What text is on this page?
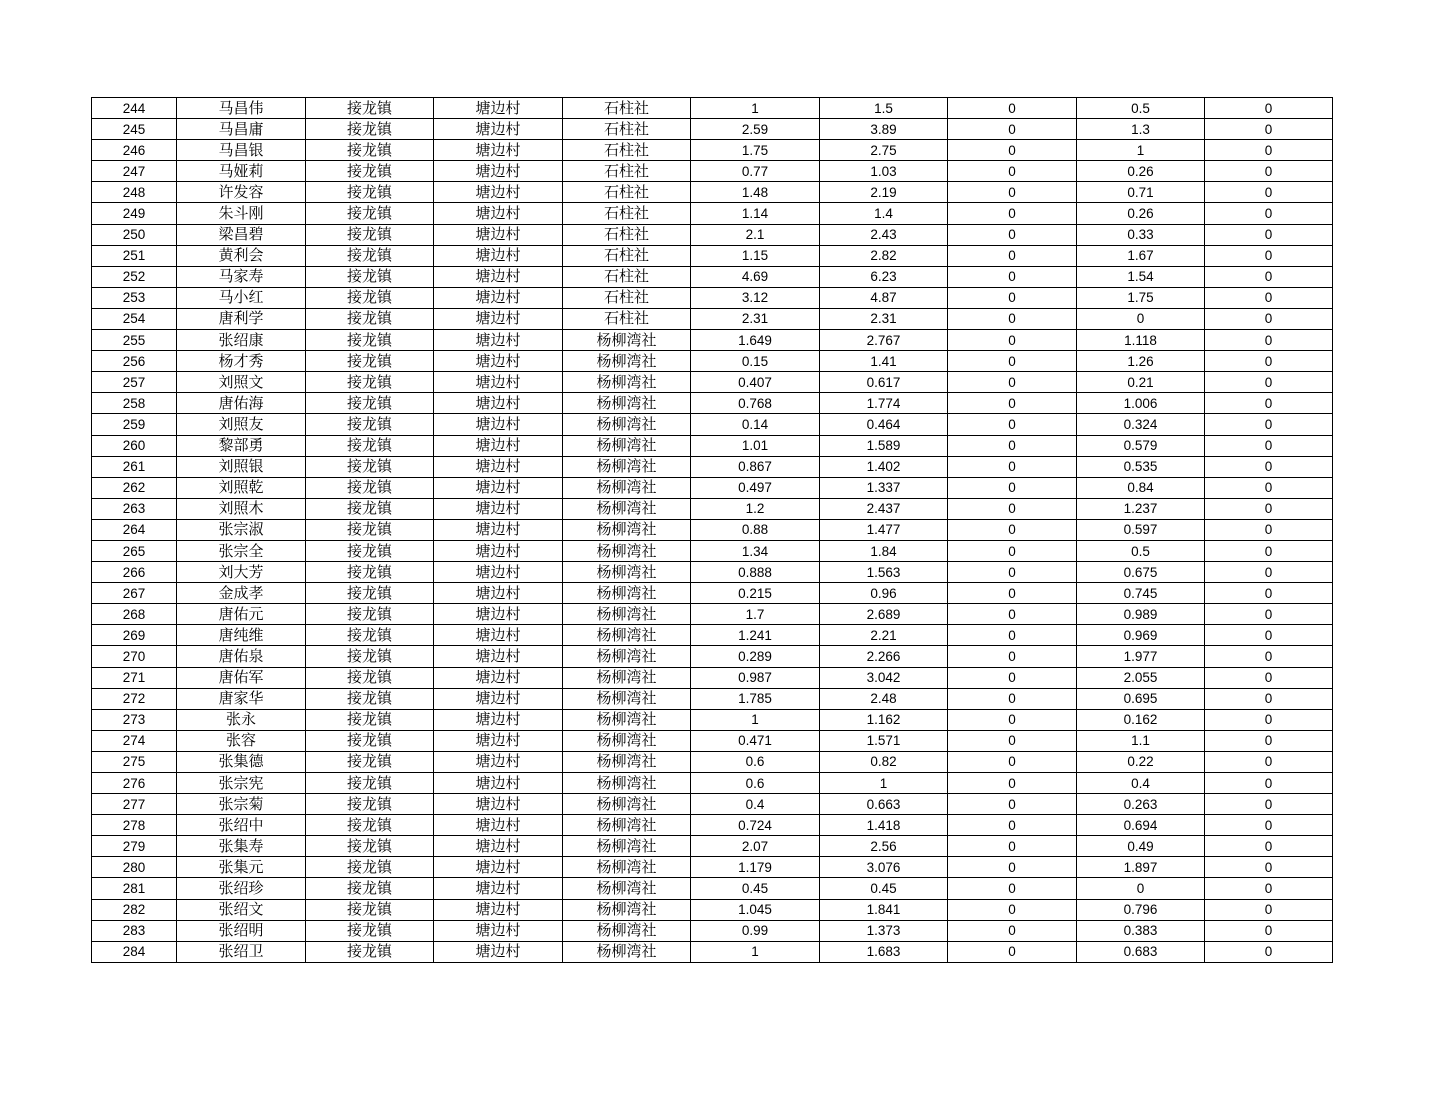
244	马昌伟	接龙镇	塘边村	石柱社	1	1.5	0	0.5	0
245	马昌庸	接龙镇	塘边村	石柱社	2.59	3.89	0	1.3	0
246	马昌银	接龙镇	塘边村	石柱社	1.75	2.75	0	1	0
247	马娅莉	接龙镇	塘边村	石柱社	0.77	1.03	0	0.26	0
248	许发容	接龙镇	塘边村	石柱社	1.48	2.19	0	0.71	0
249	朱斗刚	接龙镇	塘边村	石柱社	1.14	1.4	0	0.26	0
250	梁昌碧	接龙镇	塘边村	石柱社	2.1	2.43	0	0.33	0
251	黄利会	接龙镇	塘边村	石柱社	1.15	2.82	0	1.67	0
252	马家寿	接龙镇	塘边村	石柱社	4.69	6.23	0	1.54	0
253	马小红	接龙镇	塘边村	石柱社	3.12	4.87	0	1.75	0
254	唐利学	接龙镇	塘边村	石柱社	2.31	2.31	0	0	0
255	张绍康	接龙镇	塘边村	杨柳湾社	1.649	2.767	0	1.118	0
256	杨才秀	接龙镇	塘边村	杨柳湾社	0.15	1.41	0	1.26	0
257	刘照文	接龙镇	塘边村	杨柳湾社	0.407	0.617	0	0.21	0
258	唐佑海	接龙镇	塘边村	杨柳湾社	0.768	1.774	0	1.006	0
259	刘照友	接龙镇	塘边村	杨柳湾社	0.14	0.464	0	0.324	0
260	黎部勇	接龙镇	塘边村	杨柳湾社	1.01	1.589	0	0.579	0
261	刘照银	接龙镇	塘边村	杨柳湾社	0.867	1.402	0	0.535	0
262	刘照乾	接龙镇	塘边村	杨柳湾社	0.497	1.337	0	0.84	0
263	刘照木	接龙镇	塘边村	杨柳湾社	1.2	2.437	0	1.237	0
264	张宗淑	接龙镇	塘边村	杨柳湾社	0.88	1.477	0	0.597	0
265	张宗全	接龙镇	塘边村	杨柳湾社	1.34	1.84	0	0.5	0
266	刘大芳	接龙镇	塘边村	杨柳湾社	0.888	1.563	0	0.675	0
267	金成孝	接龙镇	塘边村	杨柳湾社	0.215	0.96	0	0.745	0
268	唐佑元	接龙镇	塘边村	杨柳湾社	1.7	2.689	0	0.989	0
269	唐纯维	接龙镇	塘边村	杨柳湾社	1.241	2.21	0	0.969	0
270	唐佑泉	接龙镇	塘边村	杨柳湾社	0.289	2.266	0	1.977	0
271	唐佑军	接龙镇	塘边村	杨柳湾社	0.987	3.042	0	2.055	0
272	唐家华	接龙镇	塘边村	杨柳湾社	1.785	2.48	0	0.695	0
273	张永	接龙镇	塘边村	杨柳湾社	1	1.162	0	0.162	0
274	张容	接龙镇	塘边村	杨柳湾社	0.471	1.571	0	1.1	0
275	张集德	接龙镇	塘边村	杨柳湾社	0.6	0.82	0	0.22	0
276	张宗宪	接龙镇	塘边村	杨柳湾社	0.6	1	0	0.4	0
277	张宗菊	接龙镇	塘边村	杨柳湾社	0.4	0.663	0	0.263	0
278	张绍中	接龙镇	塘边村	杨柳湾社	0.724	1.418	0	0.694	0
279	张集寿	接龙镇	塘边村	杨柳湾社	2.07	2.56	0	0.49	0
280	张集元	接龙镇	塘边村	杨柳湾社	1.179	3.076	0	1.897	0
281	张绍珍	接龙镇	塘边村	杨柳湾社	0.45	0.45	0	0	0
282	张绍文	接龙镇	塘边村	杨柳湾社	1.045	1.841	0	0.796	0
283	张绍明	接龙镇	塘边村	杨柳湾社	0.99	1.373	0	0.383	0
284	张绍卫	接龙镇	塘边村	杨柳湾社	1	1.683	0	0.683	0
